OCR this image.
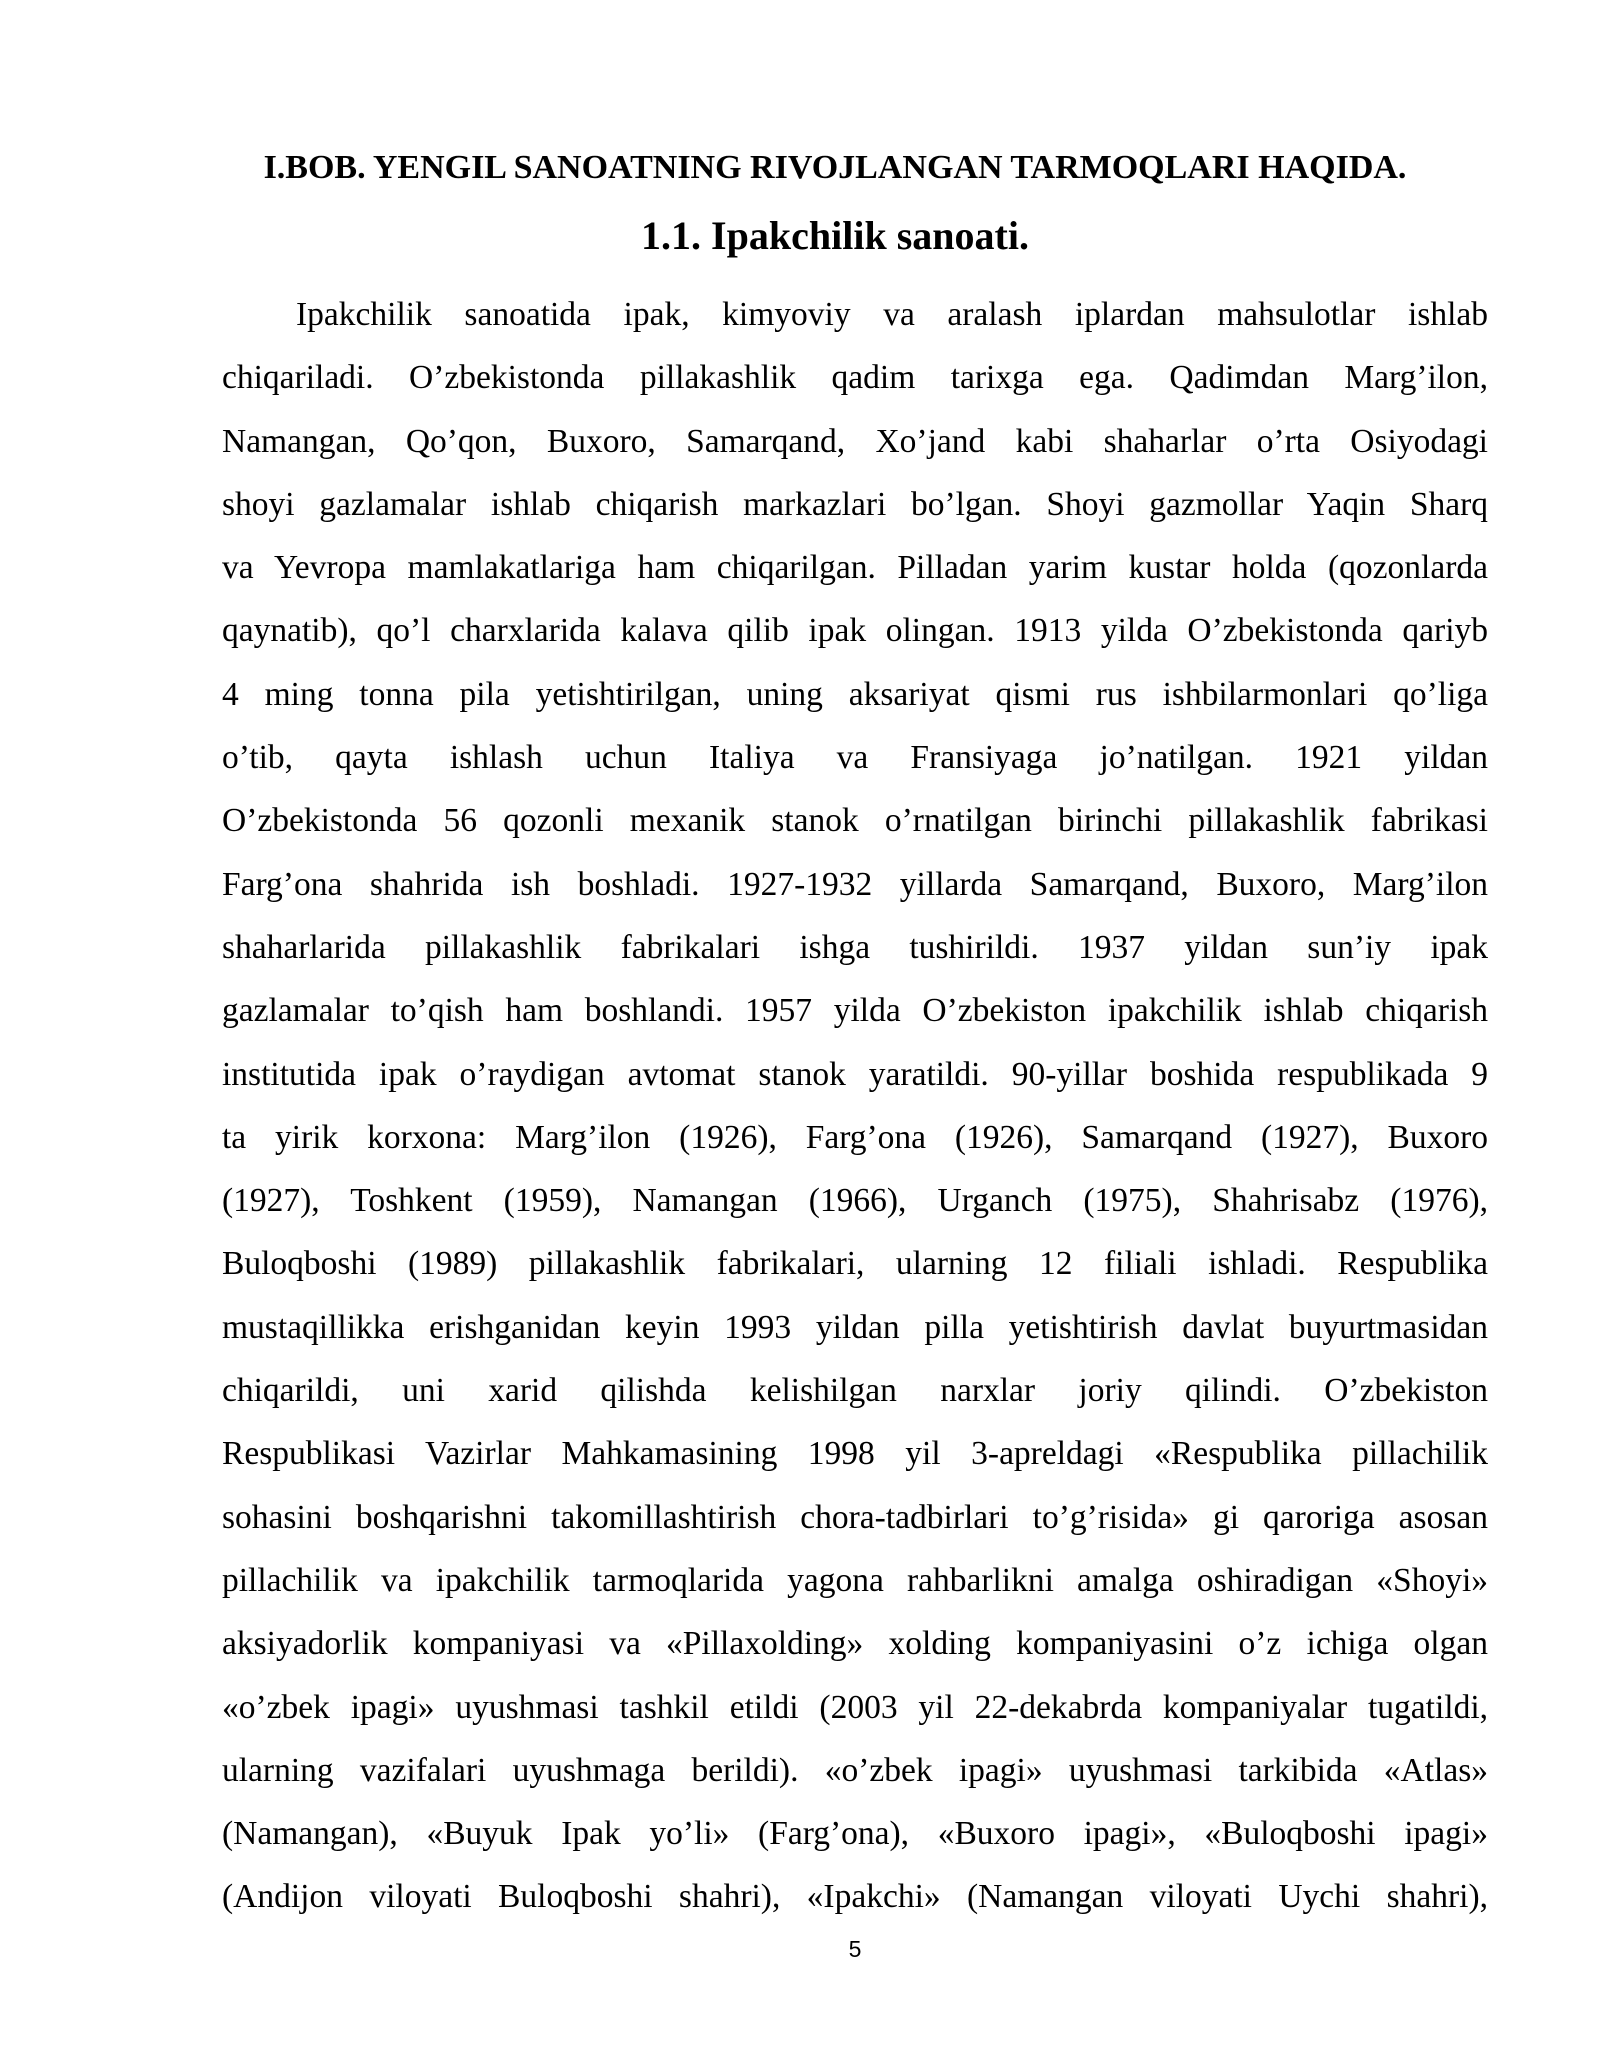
I.BOB. YENGIL SANOATNING RIVOJLANGAN TARMOQLARI HAQIDA.
1.1. Ipakchilik sanoati.
Ipakchilik sanoatida ipak, kimyoviy va aralash iplardan mahsulotlar ishlab
chiqariladi. O’zbekistonda pillakashlik qadim tarixga ega. Qadimdan Marg’ilon,
Namangan, Qo’qon, Buxoro, Samarqand, Xo’jand kabi shaharlar o’rta Osiyodagi
shoyi gazlamalar ishlab chiqarish markazlari bo’lgan. Shoyi gazmollar Yaqin Sharq
va Yevropa mamlakatlariga ham chiqarilgan. Pilladan yarim kustar holda (qozonlarda
qaynatib), qo’l charxlarida kalava qilib ipak olingan. 1913 yilda O’zbekistonda qariyb
4 ming tonna pila yetishtirilgan, uning aksariyat qismi rus ishbilarmonlari qo’liga
o’tib, qayta ishlash uchun Italiya va Fransiyaga jo’natilgan. 1921 yildan
O’zbekistonda 56 qozonli mexanik stanok o’rnatilgan birinchi pillakashlik fabrikasi
Farg’ona shahrida ish boshladi. 1927-1932 yillarda Samarqand, Buxoro, Marg’ilon
shaharlarida pillakashlik fabrikalari ishga tushirildi. 1937 yildan sun’iy ipak
gazlamalar to’qish ham boshlandi. 1957 yilda O’zbekiston ipakchilik ishlab chiqarish
institutida ipak o’raydigan avtomat stanok yaratildi. 90-yillar boshida respublikada 9
ta yirik korxona: Marg’ilon (1926), Farg’ona (1926), Samarqand (1927), Buxoro
(1927), Toshkent (1959), Namangan (1966), Urganch (1975), Shahrisabz (1976),
Buloqboshi (1989) pillakashlik fabrikalari, ularning 12 filiali ishladi. Respublika
mustaqillikka erishganidan keyin 1993 yildan pilla yetishtirish davlat buyurtmasidan
chiqarildi, uni xarid qilishda kelishilgan narxlar joriy qilindi. O’zbekiston
Respublikasi Vazirlar Mahkamasining 1998 yil 3-apreldagi «Respublika pillachilik
sohasini boshqarishni takomillashtirish chora-tadbirlari to’g’risida» gi qaroriga asosan
pillachilik va ipakchilik tarmoqlarida yagona rahbarlikni amalga oshiradigan «Shoyi»
aksiyadorlik kompaniyasi va «Pillaxolding» xolding kompaniyasini o’z ichiga olgan
«o’zbek ipagi» uyushmasi tashkil etildi (2003 yil 22-dekabrda kompaniyalar tugatildi,
ularning vazifalari uyushmaga berildi). «o’zbek ipagi» uyushmasi tarkibida «Atlas»
(Namangan), «Buyuk Ipak yo’li» (Farg’ona), «Buxoro ipagi», «Buloqboshi ipagi»
(Andijon viloyati Buloqboshi shahri), «Ipakchi» (Namangan viloyati Uychi shahri),
5
